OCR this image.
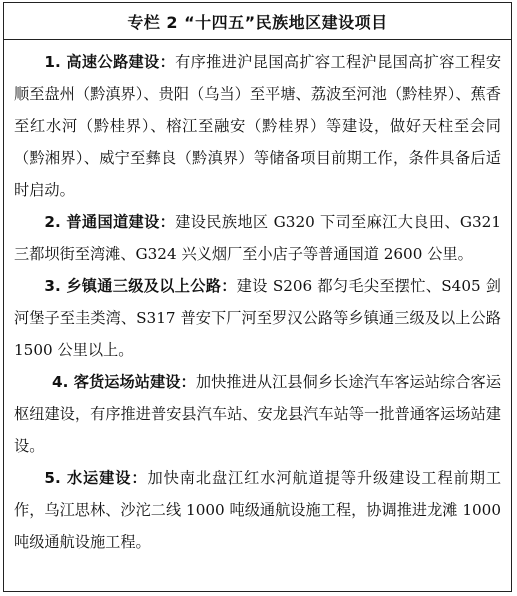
专栏 2 “十四五”民族地区建设项目

1. 高速公路建设：有序推进沪昆国高扩容工程沪昆国高扩容工程安顺至盘州（黔滇界）、贵阳（乌当）至平塘、荔波至河池（黔桂界）、蕉香至红水河（黔桂界）、榕江至融安（黔桂界）等建设，做好天柱至会同（黔湘界）、威宁至彝良（黔滇界）等储备项目前期工作，条件具备后适时启动。

2. 普通国道建设：建设民族地区 G320 下司至麻江大良田、G321 三都坝街至湾滩、G324 兴义烟厂至小店子等普通国道 2600 公里。

3. 乡镇通三级及以上公路：建设 S206 都匀毛尖至摆忙、S405 剑河堡子至圭类湾、S317 普安下厂河至罗汉公路等乡镇通三级及以上公路 1500 公里以上。

4. 客货运场站建设：加快推进从江县侗乡长途汽车客运站综合客运枢纽建设，有序推进普安县汽车站、安龙县汽车站等一批普通客运场站建设。

5. 水运建设：加快南北盘江红水河航道提等升级建设工程前期工作，乌江思林、沙沱二线 1000 吨级通航设施工程，协调推进龙滩 1000 吨级通航设施工程。
